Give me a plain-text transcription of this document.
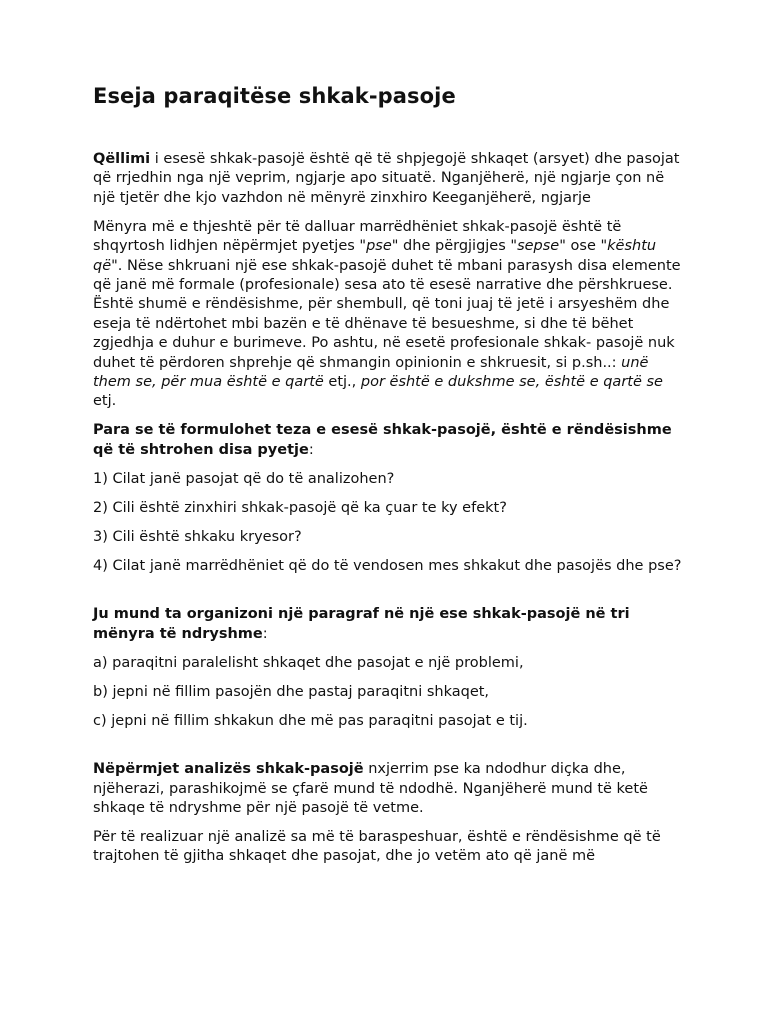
Eseja paraqitëse shkak-pasoje

Qëllimi i esesë shkak-pasojë është që të shpjegojë shkaqet (arsyet) dhe pasojat që rrjedhin nga një veprim, ngjarje apo situatë. Nganjëherë, një ngjarje çon në një tjetër dhe kjo vazhdon në mënyrë zinxhiro Keeganjëherë, ngjarje

Mënyra më e thjeshtë për të dalluar marrëdhëniet shkak-pasojë është të shqyrtosh lidhjen nëpërmjet pyetjes "pse" dhe përgjigjes "sepse" ose "kështu që". Nëse shkruani një ese shkak-pasojë duhet të mbani parasysh disa elemente që janë më formale (profesionale) sesa ato të esesë narrative dhe përshkruese. Është shumë e rëndësishme, për shembull, që toni juaj të jetë i arsyeshëm dhe eseja të ndërtohet mbi bazën e të dhënave të besueshme, si dhe të bëhet zgjedhja e duhur e burimeve. Po ashtu, në esetë profesionale shkak- pasojë nuk duhet të përdoren shprehje që shmangin opinionin e shkruesit, si p.sh..: unë them se, për mua është e qartë etj., por është e dukshme se, është e qartë se etj.

Para se të formulohet teza e esesë shkak-pasojë, është e rëndësishme që të shtrohen disa pyetje:

1) Cilat janë pasojat që do të analizohen?

2) Cili është zinxhiri shkak-pasojë që ka çuar te ky efekt?

3) Cili është shkaku kryesor?

4) Cilat janë marrëdhëniet që do të vendosen mes shkakut dhe pasojës dhe pse?

Ju mund ta organizoni një paragraf në një ese shkak-pasojë në tri mënyra të ndryshme:

a) paraqitni paralelisht shkaqet dhe pasojat e një problemi,

b) jepni në fillim pasojën dhe pastaj paraqitni shkaqet,

c) jepni në fillim shkakun dhe më pas paraqitni pasojat e tij.

Nëpërmjet analizës shkak-pasojë nxjerrim pse ka ndodhur diçka dhe, njëherazi, parashikojmë se çfarë mund të ndodhë. Nganjëherë mund të ketë shkaqe të ndryshme për një pasojë të vetme.

Për të realizuar një analizë sa më të baraspeshuar, është e rëndësishme që të trajtohen të gjitha shkaqet dhe pasojat, dhe jo vetëm ato që janë më
